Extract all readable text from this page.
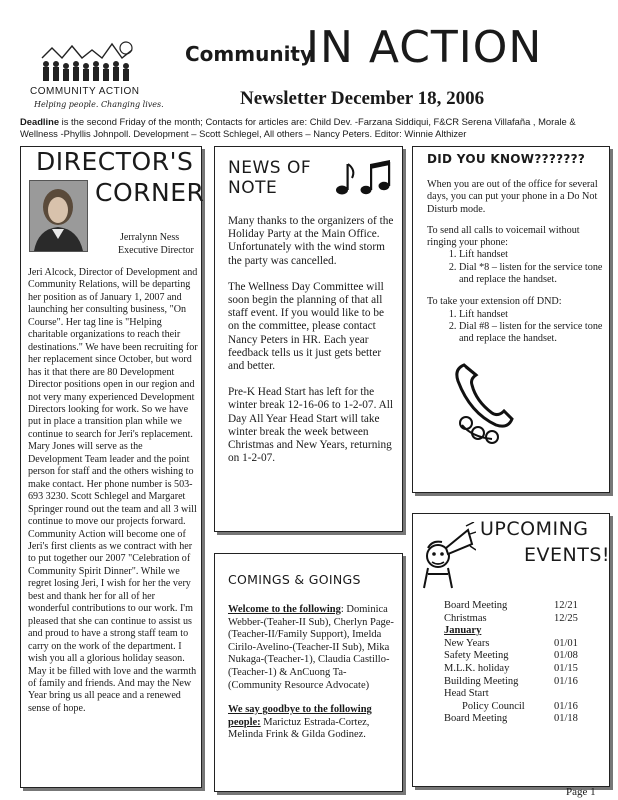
COMMUNITY ACTION
Helping people. Changing lives.
Community
IN ACTION
Newsletter December 18, 2006
Deadline is the second Friday of the month; Contacts for articles are: Child Dev. -Farzana Siddiqui, F&CR Serena Villafaña , Morale & Wellness -Phyllis Johnpoll. Development – Scott Schlegel, All others – Nancy Peters. Editor: Winnie Althizer
DIRECTOR'S
CORNER
Jerralynn Ness
Executive Director
Jeri Alcock, Director of Development and Community Relations, will be departing her position as of January 1, 2007 and launching her consulting business, "On Course". Her tag line is "Helping charitable organizations to reach their destinations." We have been recruiting for her replacement since October, but word has it that there are 80 Development Director positions open in our region and not very many experienced Development Directors looking for work. So we have put in place a transition plan while we continue to search for Jeri's replacement. Mary Jones will serve as the Development Team leader and the point person for staff and the others wishing to make contact. Her phone number is 503-693 3230. Scott Schlegel and Margaret Springer round out the team and all 3 will continue to move our projects forward. Community Action will become one of Jeri's first clients as we contract with her to put together our 2007 "Celebration of Community Spirit Dinner". While we regret losing Jeri, I wish for her the very best and thank her for all of her wonderful contributions to our work. I'm pleased that she can continue to assist us and proud to have a strong staff team to carry on the work of the department. I wish you all a glorious holiday season. May it be filled with love and the warmth of family and friends. And may the New Year bring us all peace and a renewed sense of hope.
NEWS OF
NOTE

Many thanks to the organizers of the Holiday Party at the Main Office. Unfortunately with the wind storm the party was cancelled.

The Wellness Day Committee will soon begin the planning of that all staff event. If you would like to be on the committee, please contact Nancy Peters in HR. Each year feedback tells us it just gets better and better.

Pre-K Head Start has left for the winter break 12-16-06 to 1-2-07. All Day All Year Head Start will take winter break the week between Christmas and New Years, returning on 1-2-07.

COMINGS & GOINGS

Welcome to the following: Dominica Webber-(Teaher-II Sub), Cherlyn Page-(Teacher-II/Family Support), Imelda Cirilo-Avelino-(Teacher-II Sub), Mika Nukaga-(Teacher-1), Claudia Castillo-(Teacher-1) & AnCuong Ta-(Community Resource Advocate)

We say goodbye to the following people: Marictuz Estrada-Cortez, Melinda Frink & Gilda Godinez.

DID YOU KNOW???????

When you are out of the office for several days, you can put your phone in a Do Not Disturb mode.

To send all calls to voicemail without ringing your phone:

1. Lift handset
2. Dial *8 – listen for the service tone and replace the handset.

To take your extension off DND:

1. Lift handset
2. Dial #8 – listen for the service tone and replace the handset.
UPCOMING
EVENTS!
Board Meeting	12/21
Christmas	12/25
January	
New Years	01/01
Safety Meeting	01/08
M.L.K. holiday	01/15
Building Meeting	01/16
Head Start	
Policy Council	01/16
Board Meeting	01/18
Page 1
